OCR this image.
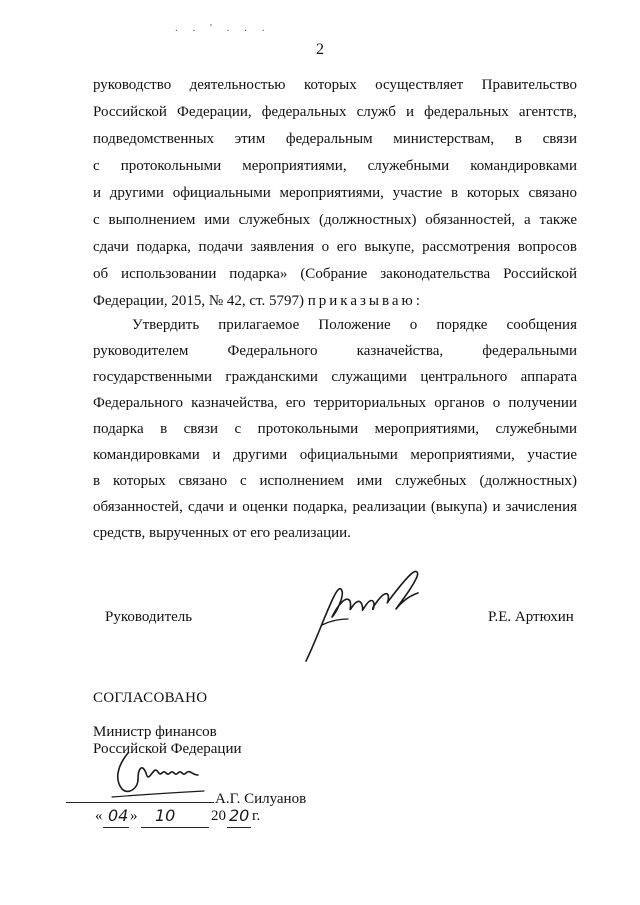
. . ' . . .
2

руководство деятельностью которых осуществляет Правительство

Российской Федерации, федеральных служб и федеральных агентств,

подведомственных этим федеральным министерствам, в связи

с протокольными мероприятиями, служебными командировками

и другими официальными мероприятиями, участие в которых связано

с выполнением ими служебных (должностных) обязанностей, а также

сдачи подарка, подачи заявления о его выкупе, рассмотрения вопросов

об использовании подарка» (Собрание законодательства Российской

Федерации, 2015, № 42, ст. 5797) приказываю:

Утвердить прилагаемое Положение о порядке сообщения

руководителем Федерального казначейства, федеральными

государственными гражданскими служащими центрального аппарата

Федерального казначейства, его территориальных органов о получении

подарка в связи с протокольными мероприятиями, служебными

командировками и другими официальными мероприятиями, участие

в которых связано с исполнением ими служебных (должностных)

обязанностей, сдачи и оценки подарка, реализации (выкупа) и зачисления

средств, вырученных от его реализации.

Руководитель	Р.Е. Артюхин
СОГЛАСОВАНО
Министр финансов
Российской Федерации
А.Г. Силуанов
« 04 » 10 20 20 г.
